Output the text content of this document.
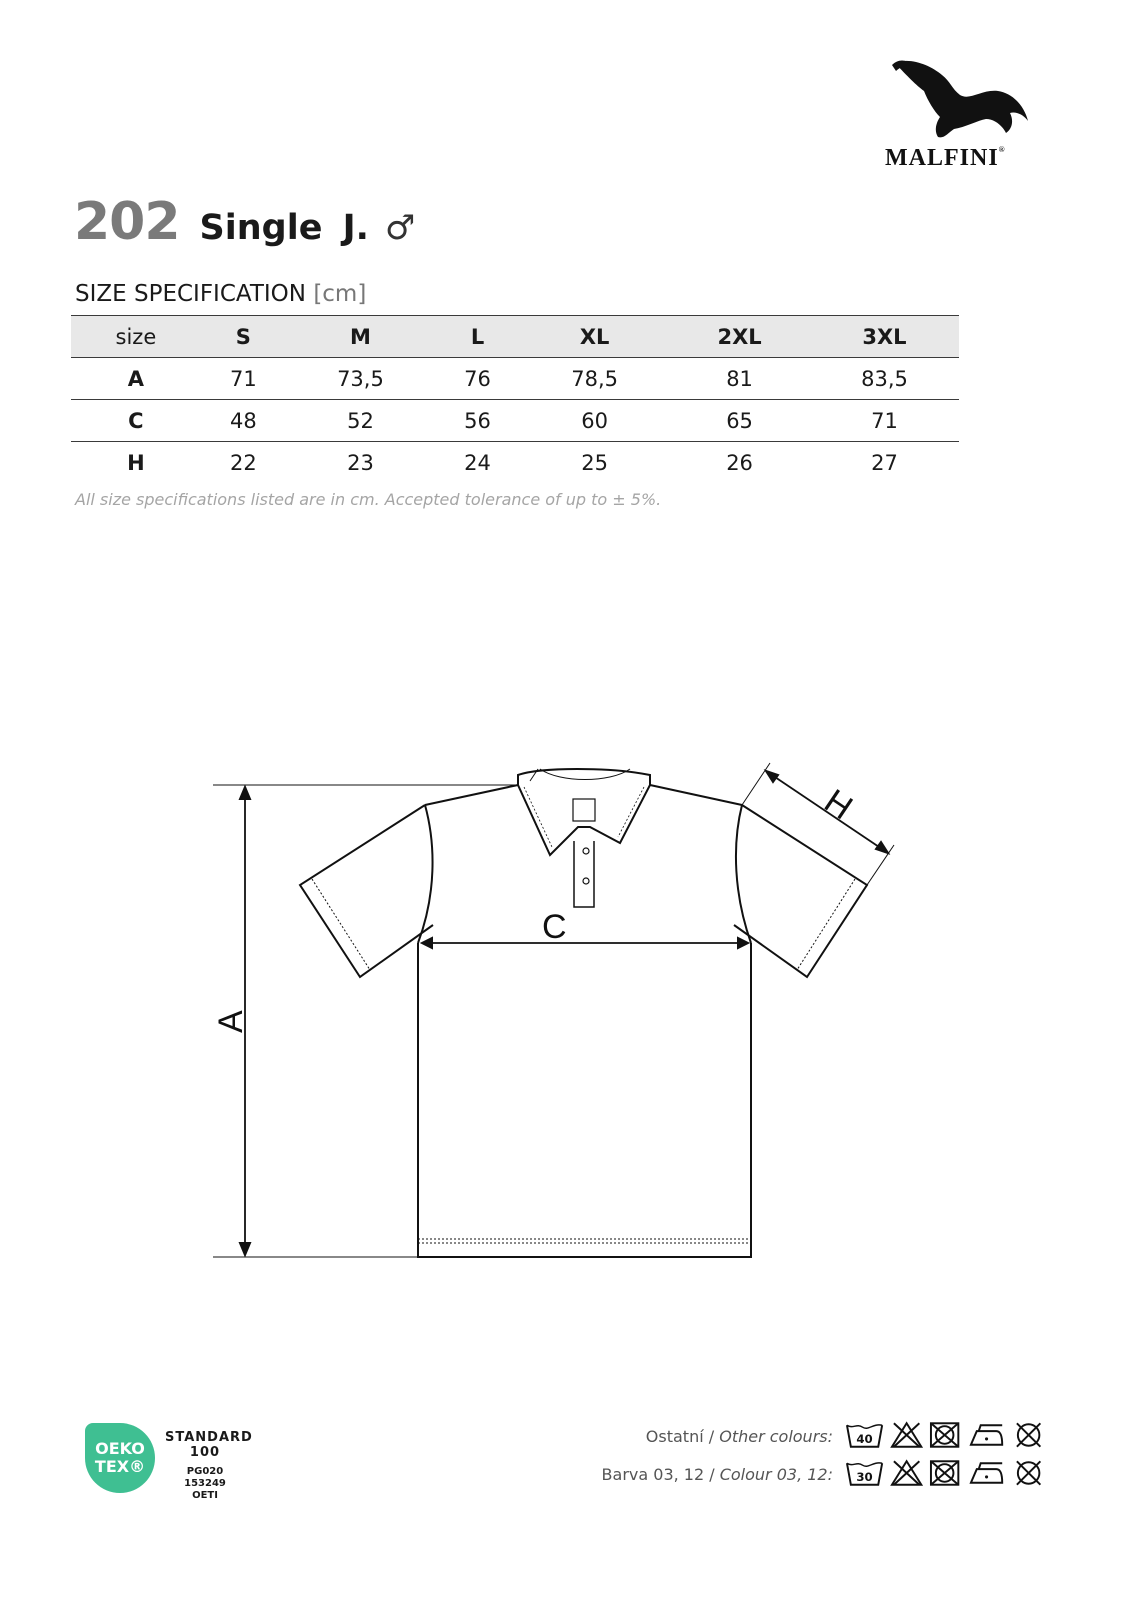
MALFINI®
202 Single J. ♂
SIZE SPECIFICATION [cm]
size	S	M	L	XL	2XL	3XL
A	71	73,5	76	78,5	81	83,5
C	48	52	56	60	65	71
H	22	23	24	25	26	27
All size specifications listed are in cm. Accepted tolerance of up to ± 5%.
C
A
H
OEKO
TEX®
STANDARD
100
PG020 153249
OETI
Ostatní / Other colours:
Barva 03, 12 / Colour 03, 12:
40
30
